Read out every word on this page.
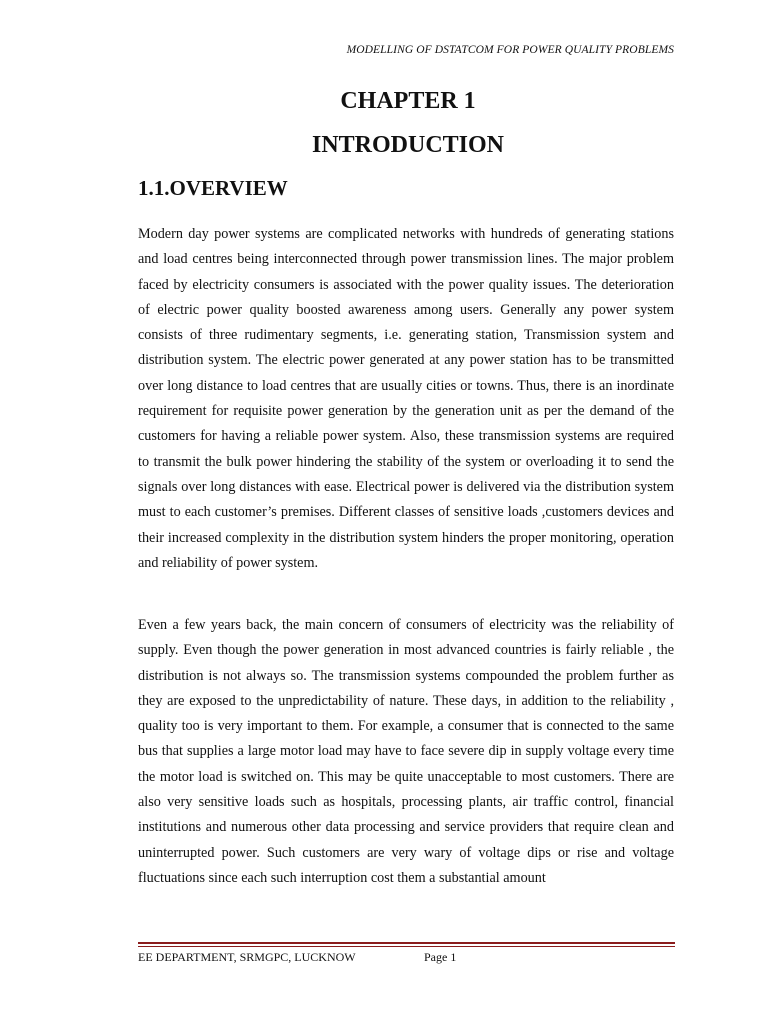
MODELLING OF DSTATCOM FOR POWER QUALITY PROBLEMS
CHAPTER 1
INTRODUCTION
1.1.OVERVIEW

Modern day power systems are complicated networks with hundreds of generating stations and load centres being interconnected through power transmission lines. The major problem faced by electricity consumers is associated with the power quality issues. The deterioration of electric power quality boosted awareness among users. Generally any power system consists of three rudimentary segments, i.e. generating station, Transmission system and distribution system. The electric power generated at any power station has to be transmitted over long distance to load centres that are usually cities or towns. Thus, there is an inordinate requirement for requisite power generation by the generation unit as per the demand of the customers for having a reliable power system. Also, these transmission systems are required to transmit the bulk power hindering the stability of the system or overloading it to send the signals over long distances with ease. Electrical power is delivered via the distribution system must to each customer’s premises. Different classes of sensitive loads ,customers devices and their increased complexity in the distribution system hinders the proper monitoring, operation and reliability of power system.

Even a few years back, the main concern of consumers of electricity was the reliability of supply. Even though the power generation in most advanced countries is fairly reliable , the distribution is not always so. The transmission systems compounded the problem further as they are exposed to the unpredictability of nature. These days, in addition to the reliability , quality too is very important to them. For example, a consumer that is connected to the same bus that supplies a large motor load may have to face severe dip in supply voltage every time the motor load is switched on. This may be quite unacceptable to most customers. There are also very sensitive loads such as hospitals, processing plants, air traffic control, financial institutions and numerous other data processing and service providers that require clean and uninterrupted power. Such customers are very wary of voltage dips or rise and voltage fluctuations since each such interruption cost them a substantial amount

EE DEPARTMENT, SRMGPC, LUCKNOW	Page 1
